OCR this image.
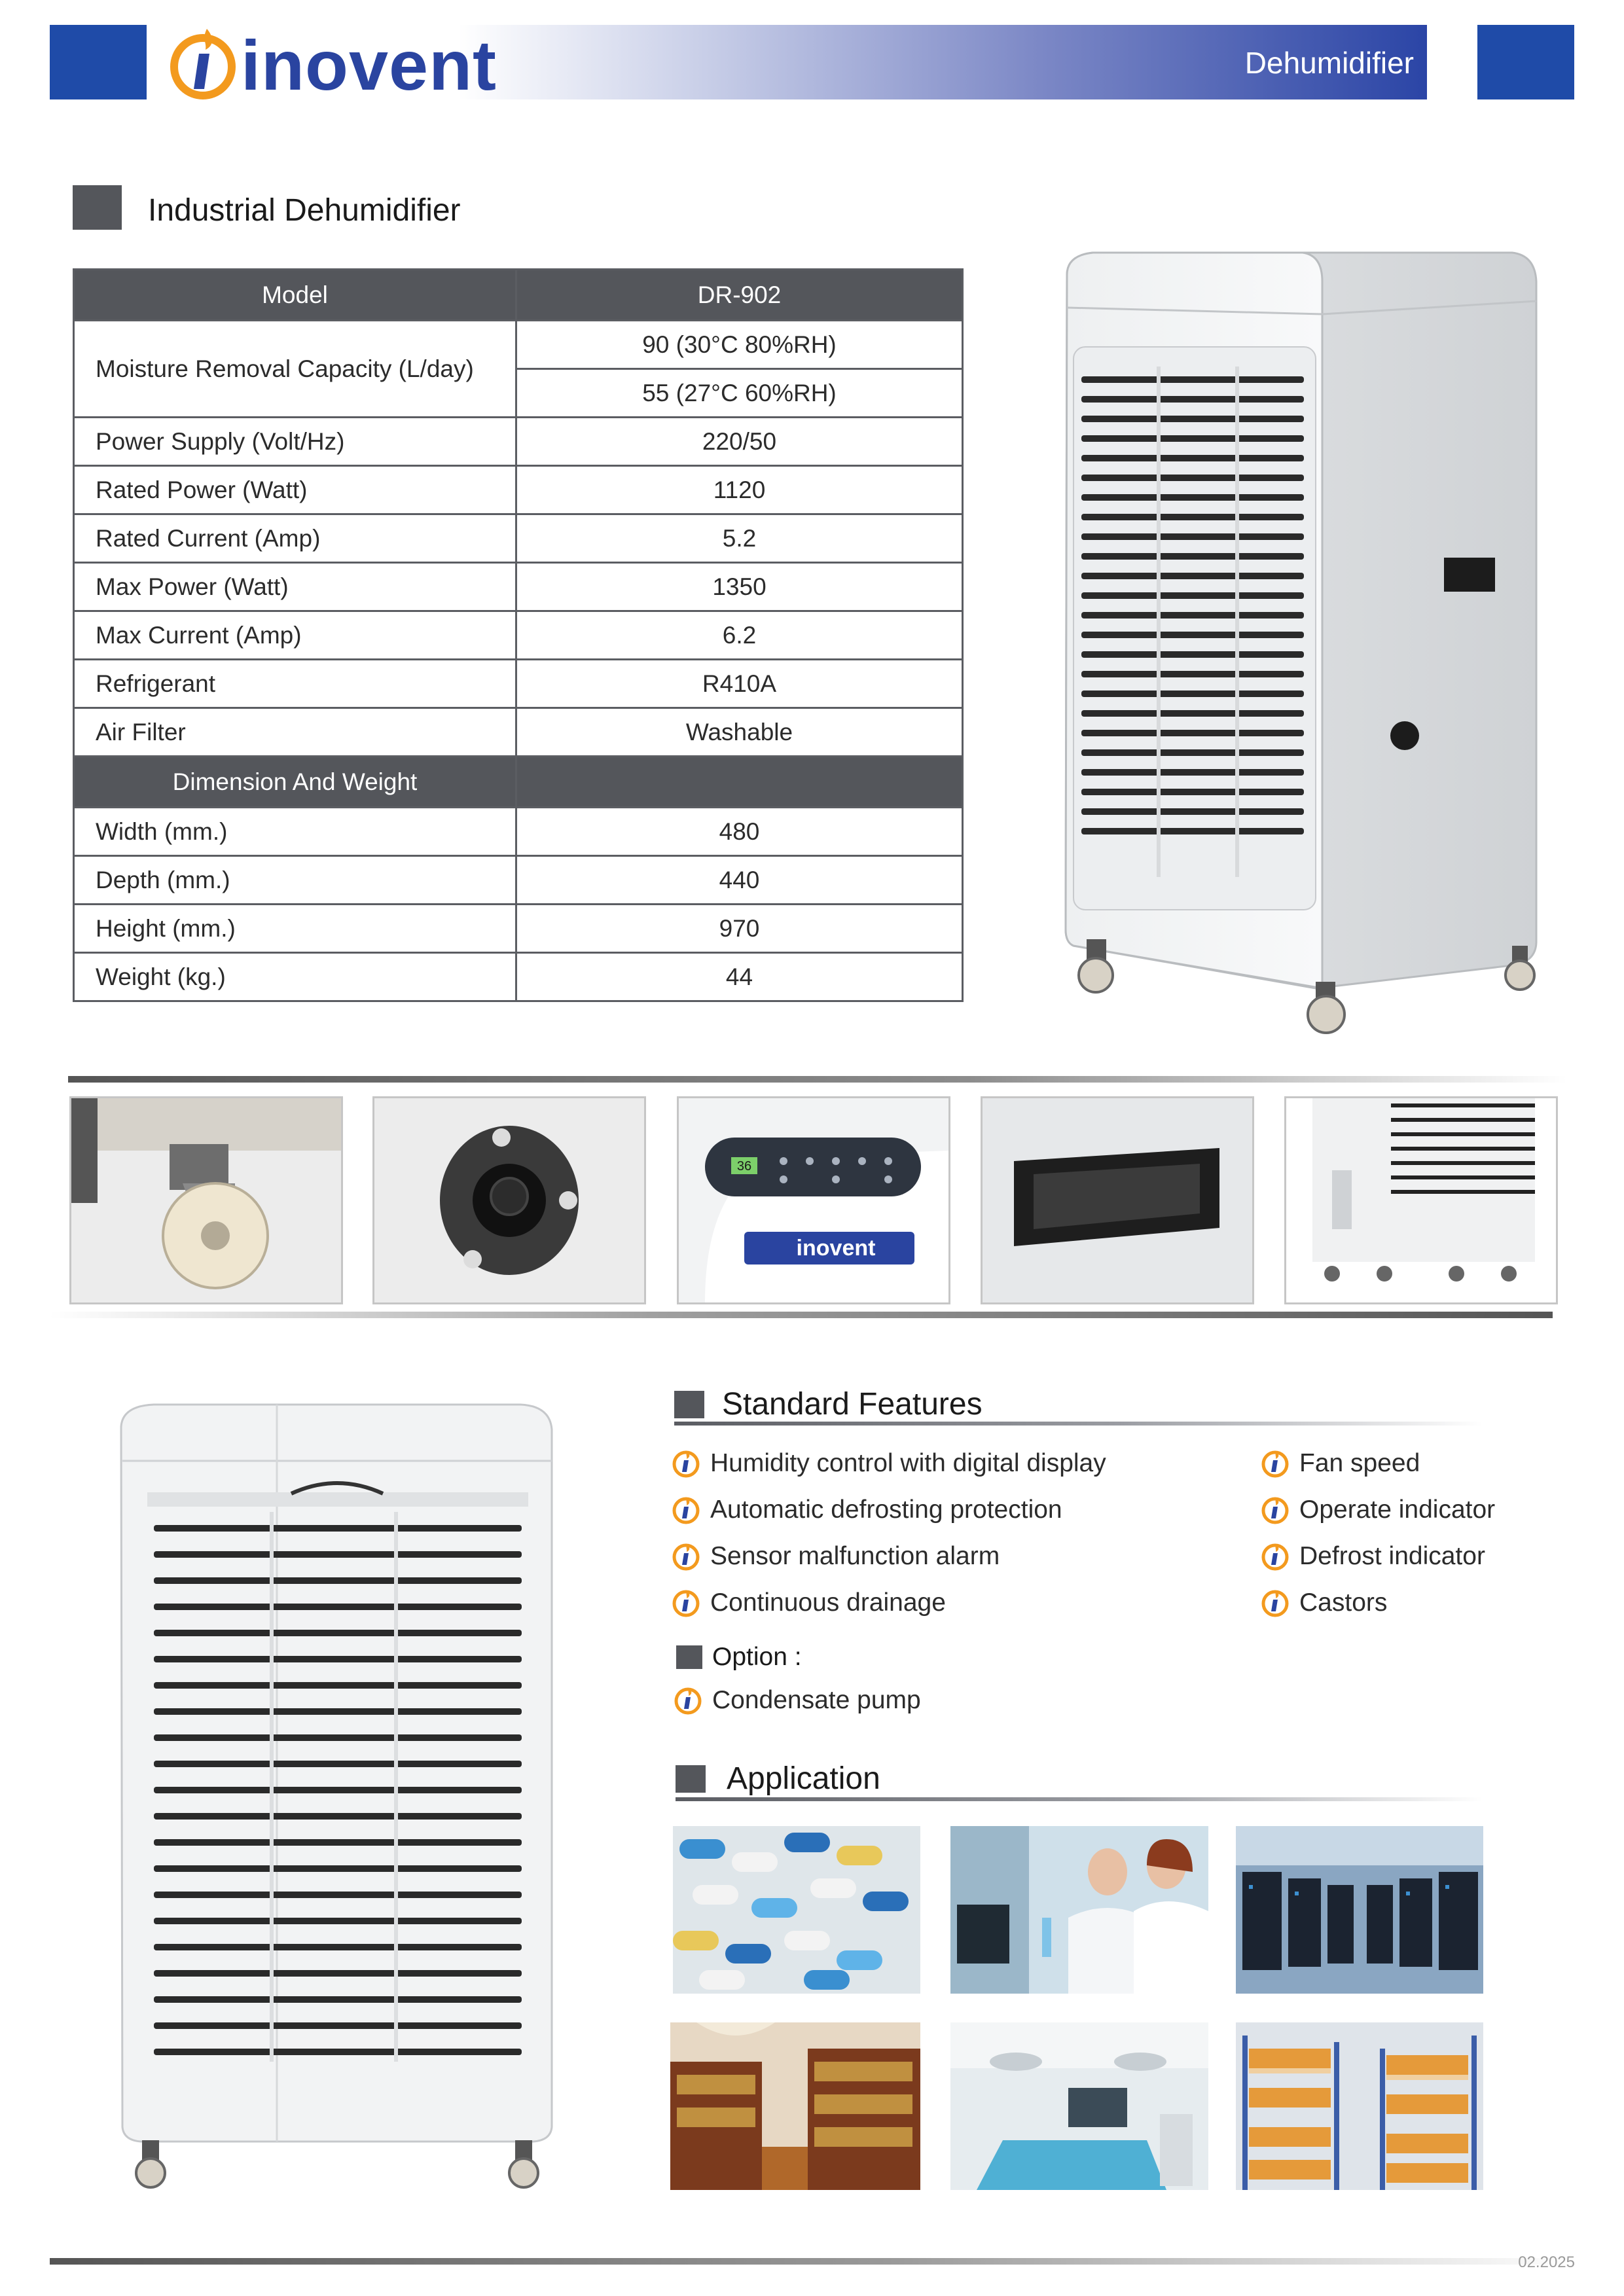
Dehumidifier
inovent
Industrial Dehumidifier
Model	DR-902
Moisture Removal Capacity (L/day)	90 (30°C 80%RH)
	55 (27°C 60%RH)
Power Supply (Volt/Hz)	220/50
Rated Power (Watt)	1120
Rated Current (Amp)	5.2
Max Power (Watt)	1350
Max Current (Amp)	6.2
Refrigerant	R410A
Air Filter	Washable
Dimension And Weight	
Width (mm.)	480
Depth (mm.)	440
Height (mm.)	970
Weight (kg.)	44
36
inovent
Standard Features
Humidity control with digital display
Automatic defrosting protection
Sensor malfunction alarm
Continuous drainage
Fan speed
Operate indicator
Defrost indicator
Castors
Option :
Condensate pump
Application
02.2025
